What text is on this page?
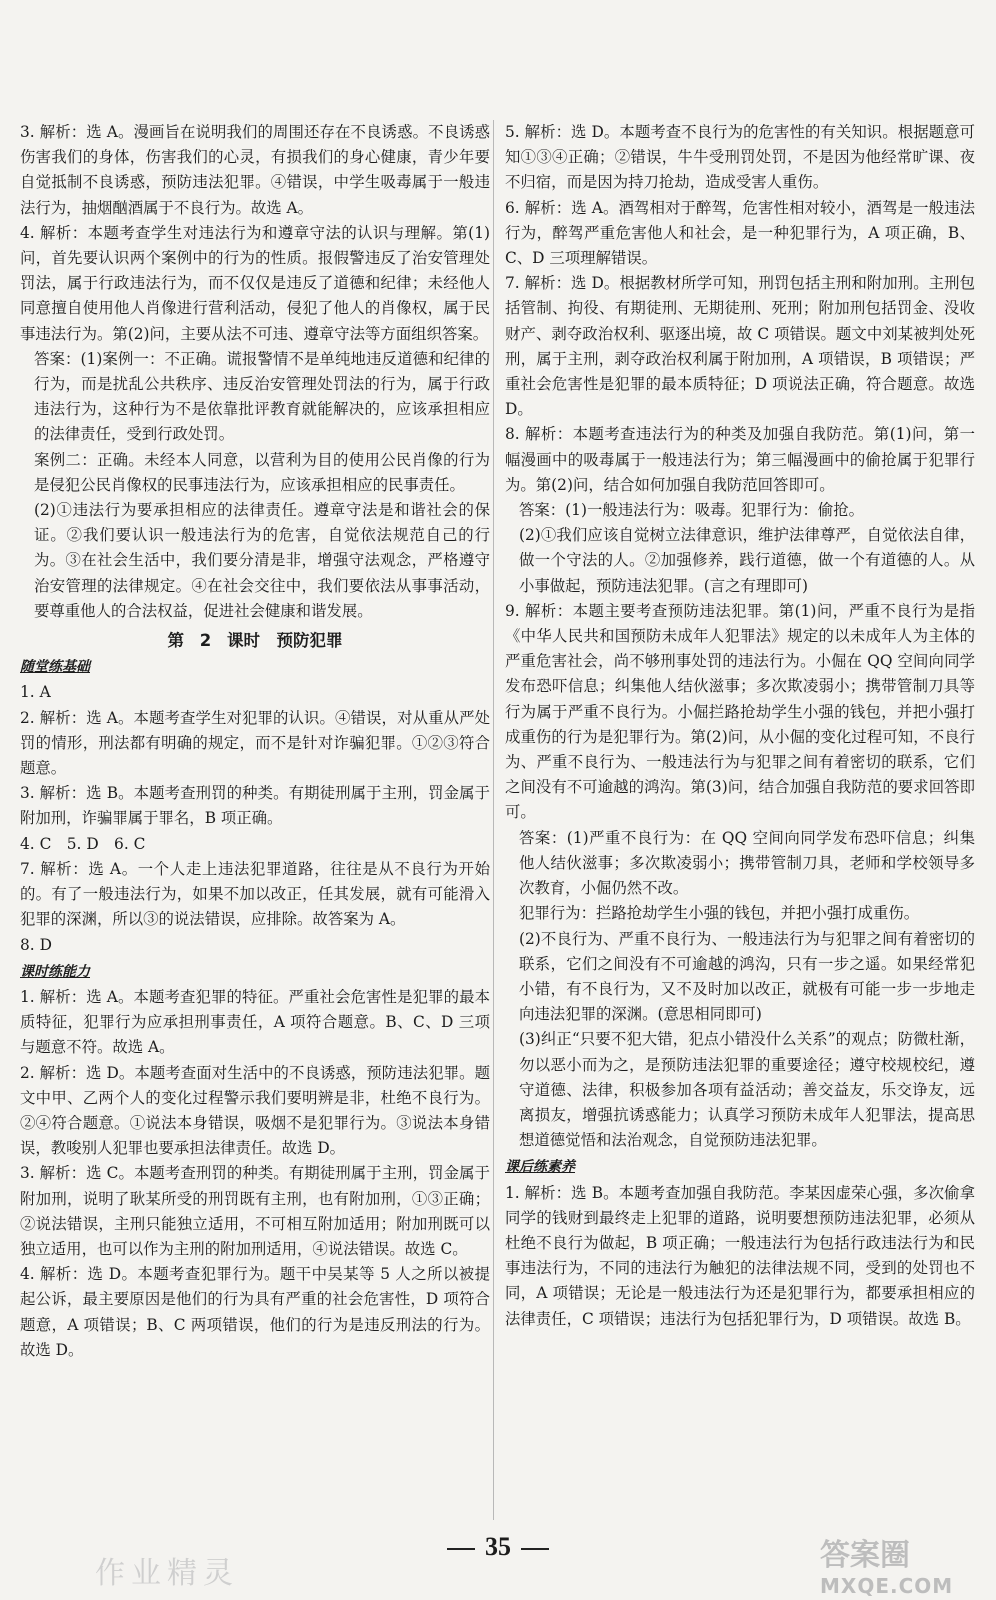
3. 解析：选 A。漫画旨在说明我们的周围还存在不良诱惑。不良诱惑伤害我们的身体，伤害我们的心灵，有损我们的身心健康，青少年要自觉抵制不良诱惑，预防违法犯罪。④错误，中学生吸毒属于一般违法行为，抽烟酗酒属于不良行为。故选 A。

4. 解析：本题考查学生对违法行为和遵章守法的认识与理解。第(1)问，首先要认识两个案例中的行为的性质。报假警违反了治安管理处罚法，属于行政违法行为，而不仅仅是违反了道德和纪律；未经他人同意擅自使用他人肖像进行营利活动，侵犯了他人的肖像权，属于民事违法行为。第(2)问，主要从法不可违、遵章守法等方面组织答案。

答案：(1)案例一：不正确。谎报警情不是单纯地违反道德和纪律的行为，而是扰乱公共秩序、违反治安管理处罚法的行为，属于行政违法行为，这种行为不是依靠批评教育就能解决的，应该承担相应的法律责任，受到行政处罚。

案例二：正确。未经本人同意，以营利为目的使用公民肖像的行为是侵犯公民肖像权的民事违法行为，应该承担相应的民事责任。

(2)①违法行为要承担相应的法律责任。遵章守法是和谐社会的保证。②我们要认识一般违法行为的危害，自觉依法规范自己的行为。③在社会生活中，我们要分清是非，增强守法观念，严格遵守治安管理的法律规定。④在社会交往中，我们要依法从事事活动，要尊重他人的合法权益，促进社会健康和谐发展。

第 2 课时　预防犯罪
随堂练基础

1. A

2. 解析：选 A。本题考查学生对犯罪的认识。④错误，对从重从严处罚的情形，刑法都有明确的规定，而不是针对诈骗犯罪。①②③符合题意。

3. 解析：选 B。本题考查刑罚的种类。有期徒刑属于主刑，罚金属于附加刑，诈骗罪属于罪名，B 项正确。

4. C　5. D　6. C

7. 解析：选 A。一个人走上违法犯罪道路，往往是从不良行为开始的。有了一般违法行为，如果不加以改正，任其发展，就有可能滑入犯罪的深渊，所以③的说法错误，应排除。故答案为 A。

8. D

课时练能力

1. 解析：选 A。本题考查犯罪的特征。严重社会危害性是犯罪的最本质特征，犯罪行为应承担刑事责任，A 项符合题意。B、C、D 三项与题意不符。故选 A。

2. 解析：选 D。本题考查面对生活中的不良诱惑，预防违法犯罪。题文中甲、乙两个人的变化过程警示我们要明辨是非，杜绝不良行为。②④符合题意。①说法本身错误，吸烟不是犯罪行为。③说法本身错误，教唆别人犯罪也要承担法律责任。故选 D。

3. 解析：选 C。本题考查刑罚的种类。有期徒刑属于主刑，罚金属于附加刑，说明了耿某所受的刑罚既有主刑，也有附加刑，①③正确；②说法错误，主刑只能独立适用，不可相互附加适用；附加刑既可以独立适用，也可以作为主刑的附加刑适用，④说法错误。故选 C。

4. 解析：选 D。本题考查犯罪行为。题干中吴某等 5 人之所以被提起公诉，最主要原因是他们的行为具有严重的社会危害性，D 项符合题意，A 项错误；B、C 两项错误，他们的行为是违反刑法的行为。故选 D。

5. 解析：选 D。本题考查不良行为的危害性的有关知识。根据题意可知①③④正确；②错误，牛牛受刑罚处罚，不是因为他经常旷课、夜不归宿，而是因为持刀抢劫，造成受害人重伤。

6. 解析：选 A。酒驾相对于醉驾，危害性相对较小，酒驾是一般违法行为，醉驾严重危害他人和社会，是一种犯罪行为，A 项正确，B、C、D 三项理解错误。

7. 解析：选 D。根据教材所学可知，刑罚包括主刑和附加刑。主刑包括管制、拘役、有期徒刑、无期徒刑、死刑；附加刑包括罚金、没收财产、剥夺政治权利、驱逐出境，故 C 项错误。题文中刘某被判处死刑，属于主刑，剥夺政治权利属于附加刑，A 项错误，B 项错误；严重社会危害性是犯罪的最本质特征；D 项说法正确，符合题意。故选 D。

8. 解析：本题考查违法行为的种类及加强自我防范。第(1)问，第一幅漫画中的吸毒属于一般违法行为；第三幅漫画中的偷抢属于犯罪行为。第(2)问，结合如何加强自我防范回答即可。

答案：(1)一般违法行为：吸毒。犯罪行为：偷抢。

(2)①我们应该自觉树立法律意识，维护法律尊严，自觉依法自律，做一个守法的人。②加强修养，践行道德，做一个有道德的人。从小事做起，预防违法犯罪。(言之有理即可)

9. 解析：本题主要考查预防违法犯罪。第(1)问，严重不良行为是指《中华人民共和国预防未成年人犯罪法》规定的以未成年人为主体的严重危害社会，尚不够刑事处罚的违法行为。小倔在 QQ 空间向同学发布恐吓信息；纠集他人结伙滋事；多次欺凌弱小；携带管制刀具等行为属于严重不良行为。小倔拦路抢劫学生小强的钱包，并把小强打成重伤的行为是犯罪行为。第(2)问，从小倔的变化过程可知，不良行为、严重不良行为、一般违法行为与犯罪之间有着密切的联系，它们之间没有不可逾越的鸿沟。第(3)问，结合加强自我防范的要求回答即可。

答案：(1)严重不良行为：在 QQ 空间向同学发布恐吓信息；纠集他人结伙滋事；多次欺凌弱小；携带管制刀具，老师和学校领导多次教育，小倔仍然不改。

犯罪行为：拦路抢劫学生小强的钱包，并把小强打成重伤。

(2)不良行为、严重不良行为、一般违法行为与犯罪之间有着密切的联系，它们之间没有不可逾越的鸿沟，只有一步之遥。如果经常犯小错，有不良行为，又不及时加以改正，就极有可能一步一步地走向违法犯罪的深渊。(意思相同即可)

(3)纠正“只要不犯大错，犯点小错没什么关系”的观点；防微杜渐，勿以恶小而为之，是预防违法犯罪的重要途径；遵守校规校纪，遵守道德、法律，积极参加各项有益活动；善交益友，乐交诤友，远离损友，增强抗诱惑能力；认真学习预防未成年人犯罪法，提高思想道德觉悟和法治观念，自觉预防违法犯罪。

课后练素养

1. 解析：选 B。本题考查加强自我防范。李某因虚荣心强，多次偷拿同学的钱财到最终走上犯罪的道路，说明要想预防违法犯罪，必须从杜绝不良行为做起，B 项正确；一般违法行为包括行政违法行为和民事违法行为，不同的违法行为触犯的法律法规不同，受到的处罚也不同，A 项错误；无论是一般违法行为还是犯罪行为，都要承担相应的法律责任，C 项错误；违法行为包括犯罪行为，D 项错误。故选 B。

35
作业精灵
答案圈
MXQE.COM
